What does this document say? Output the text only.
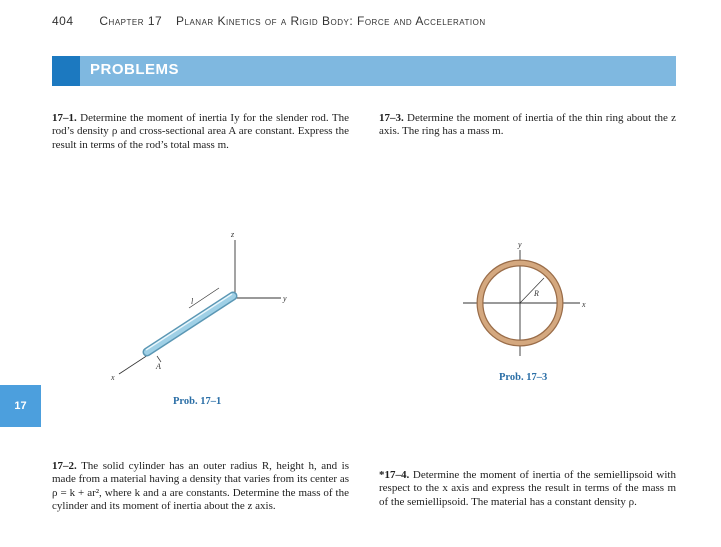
404 Chapter 17 Planar Kinetics of a Rigid Body: Force and Acceleration
PROBLEMS
17–1. Determine the moment of inertia Iy for the slender rod. The rod’s density ρ and cross-sectional area A are constant. Express the result in terms of the rod’s total mass m.
17–3. Determine the moment of inertia of the thin ring about the z axis. The ring has a mass m.
z
y
x
l
A
Prob. 17–1
y
x
R
Prob. 17–3
17
17–2. The solid cylinder has an outer radius R, height h, and is made from a material having a density that varies from its center as ρ = k + ar², where k and a are constants. Determine the mass of the cylinder and its moment of inertia about the z axis.
*17–4. Determine the moment of inertia of the semiellipsoid with respect to the x axis and express the result in terms of the mass m of the semiellipsoid. The material has a constant density ρ.
